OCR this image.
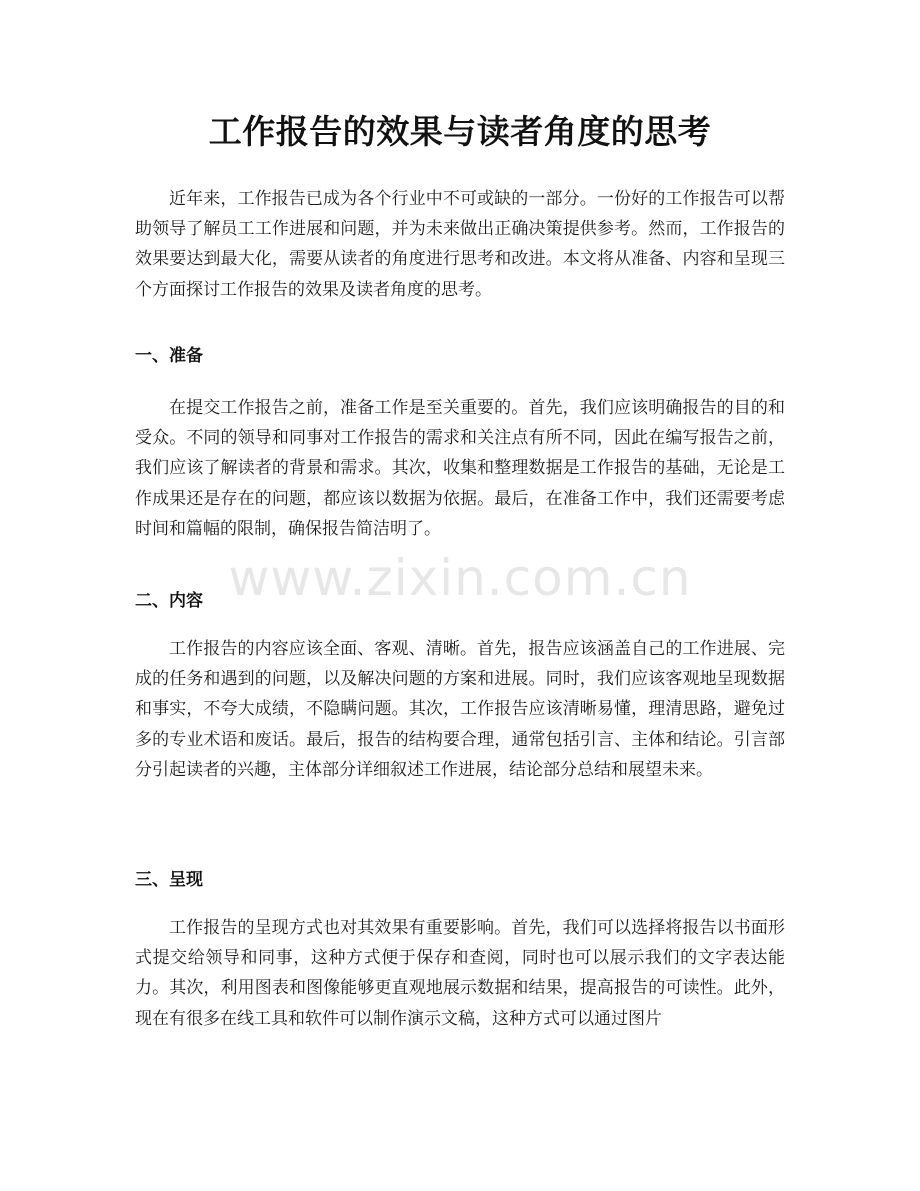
工作报告的效果与读者角度的思考

近年来，工作报告已成为各个行业中不可或缺的一部分。一份好的工作报告可以帮助领导了解员工工作进展和问题，并为未来做出正确决策提供参考。然而，工作报告的效果要达到最大化，需要从读者的角度进行思考和改进。本文将从准备、内容和呈现三个方面探讨工作报告的效果及读者角度的思考。

一、准备

在提交工作报告之前，准备工作是至关重要的。首先，我们应该明确报告的目的和受众。不同的领导和同事对工作报告的需求和关注点有所不同，因此在编写报告之前，我们应该了解读者的背景和需求。其次，收集和整理数据是工作报告的基础，无论是工作成果还是存在的问题，都应该以数据为依据。最后，在准备工作中，我们还需要考虑时间和篇幅的限制，确保报告简洁明了。

www.zixin.com.cn
二、内容

工作报告的内容应该全面、客观、清晰。首先，报告应该涵盖自己的工作进展、完成的任务和遇到的问题，以及解决问题的方案和进展。同时，我们应该客观地呈现数据和事实，不夸大成绩，不隐瞒问题。其次，工作报告应该清晰易懂，理清思路，避免过多的专业术语和废话。最后，报告的结构要合理，通常包括引言、主体和结论。引言部分引起读者的兴趣，主体部分详细叙述工作进展，结论部分总结和展望未来。

三、呈现

工作报告的呈现方式也对其效果有重要影响。首先，我们可以选择将报告以书面形式提交给领导和同事，这种方式便于保存和查阅，同时也可以展示我们的文字表达能力。其次，利用图表和图像能够更直观地展示数据和结果，提高报告的可读性。此外，现在有很多在线工具和软件可以制作演示文稿，这种方式可以通过图片
